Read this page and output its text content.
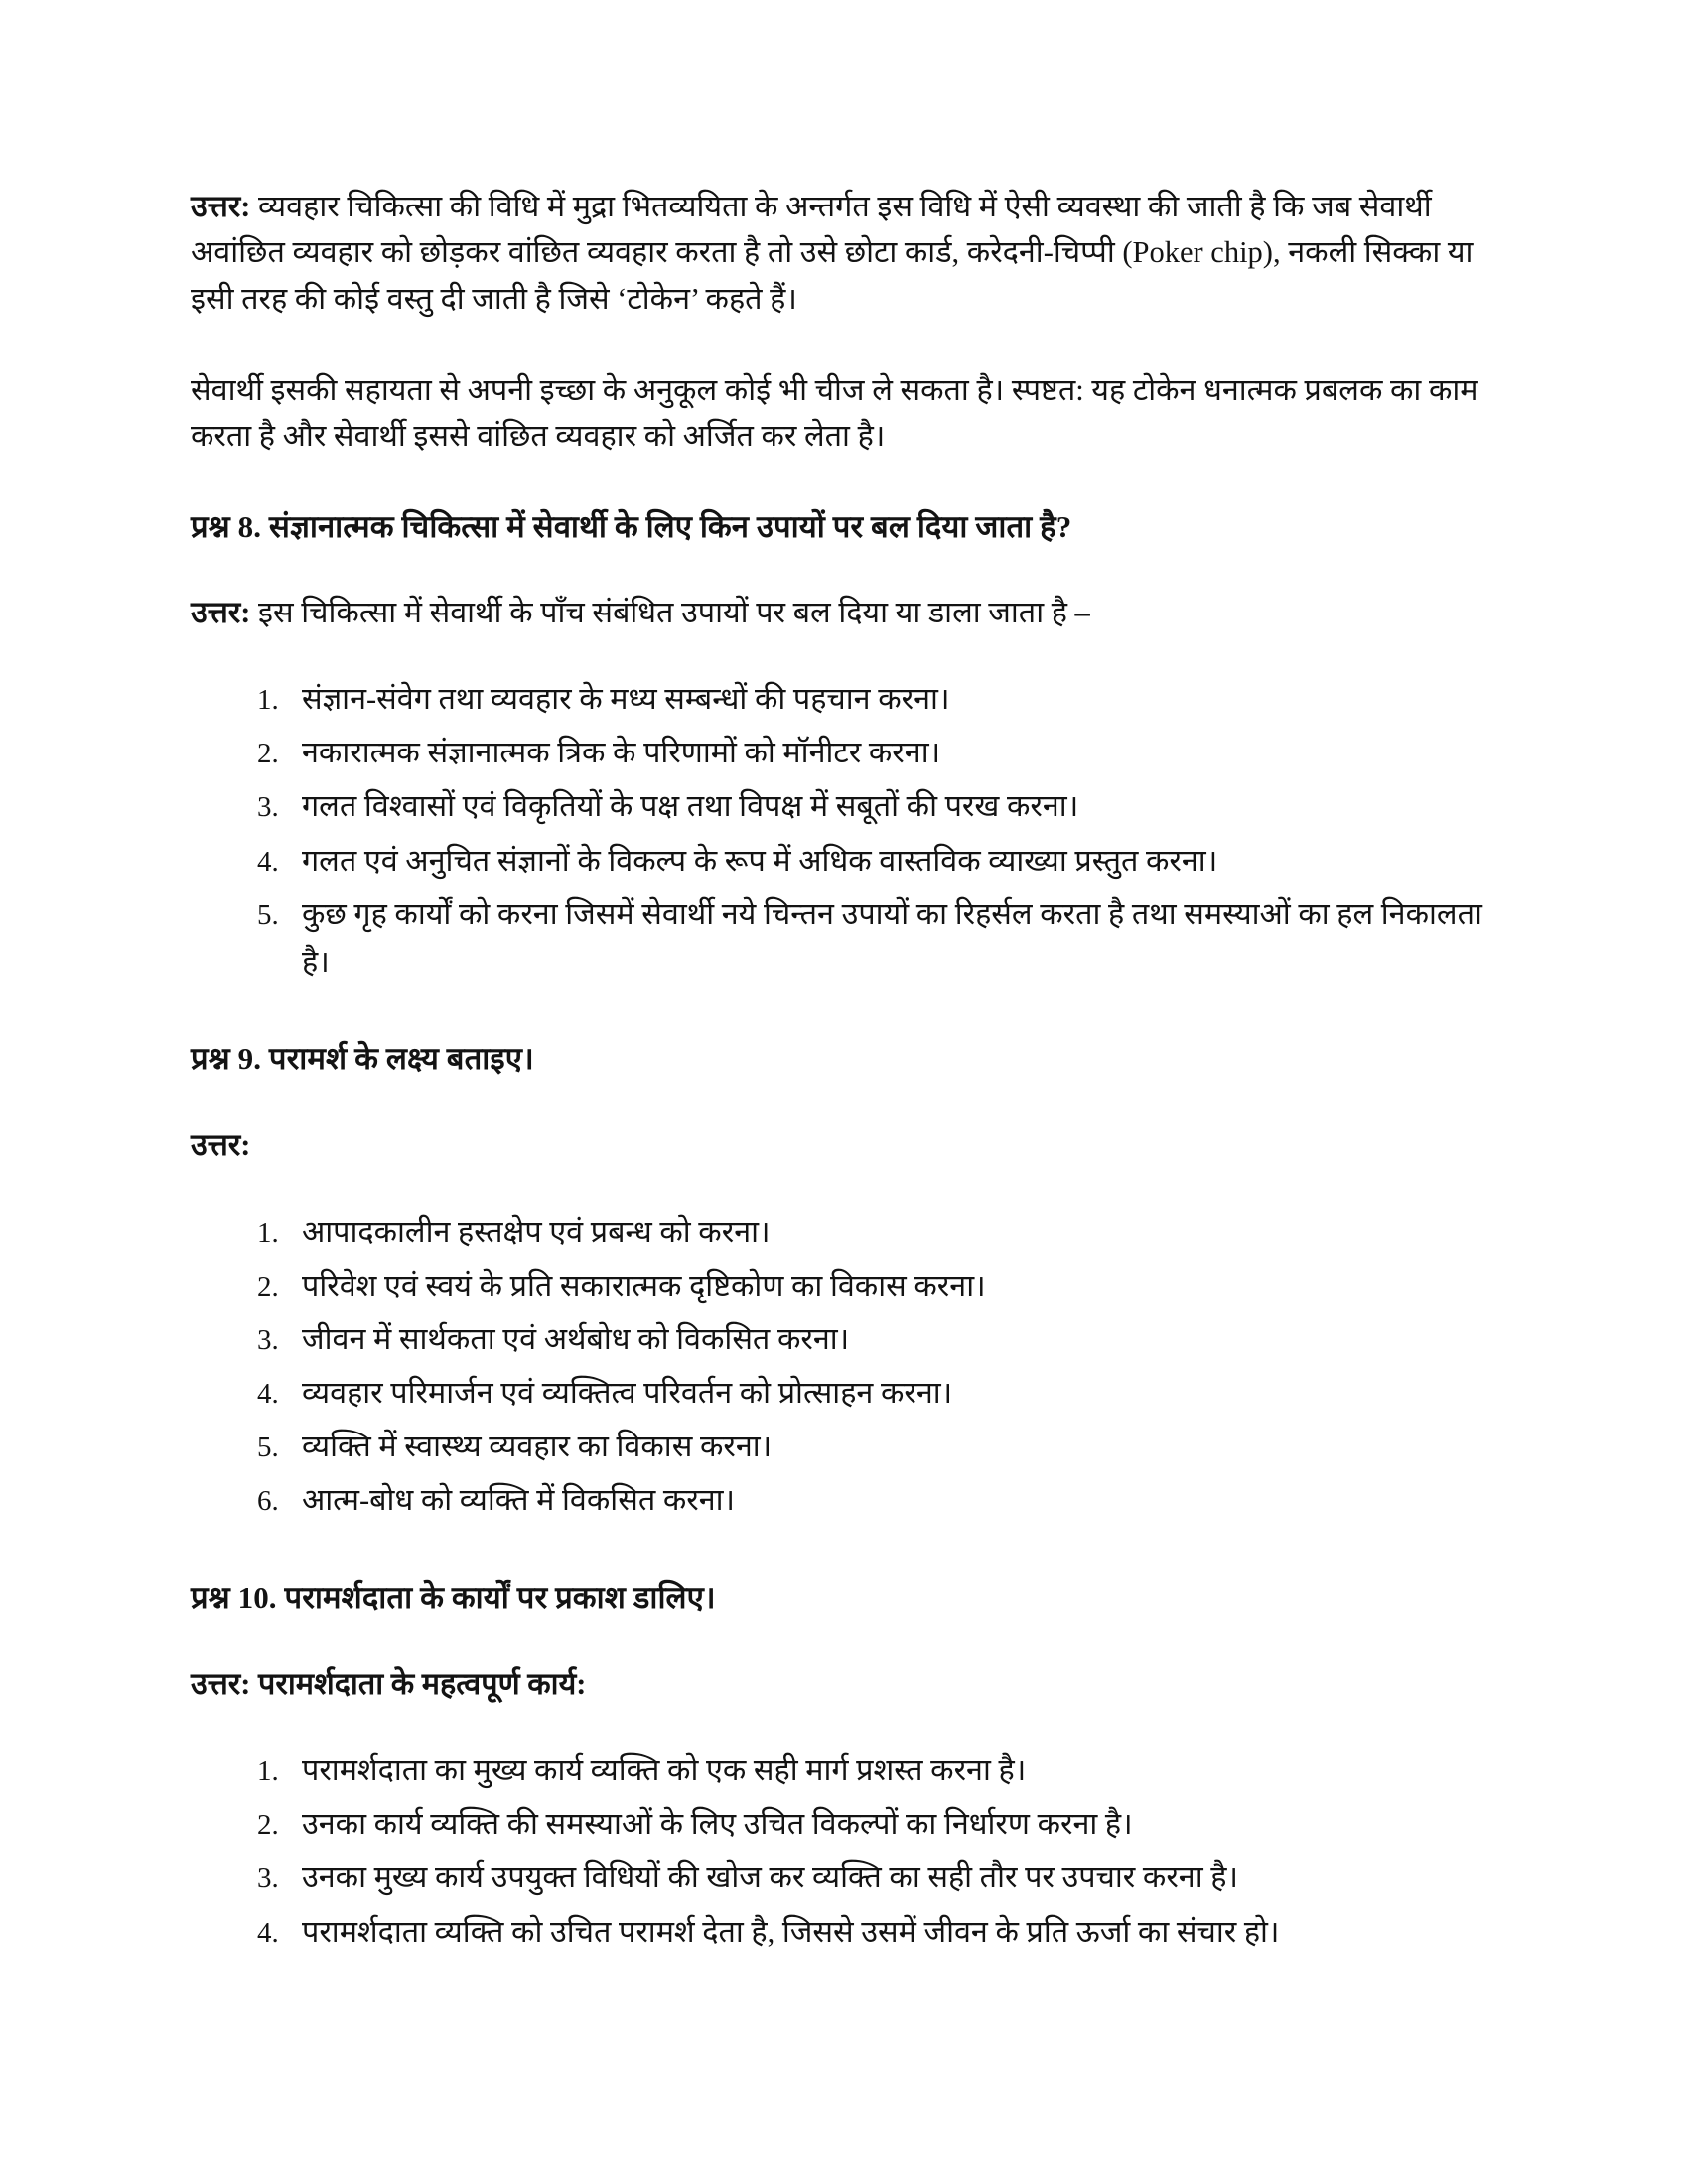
उत्तर: व्यवहार चिकित्सा की विधि में मुद्रा भितव्ययिता के अन्तर्गत इस विधि में ऐसी व्यवस्था की जाती है कि जब सेवार्थी अवांछित व्यवहार को छोड़कर वांछित व्यवहार करता है तो उसे छोटा कार्ड, करेदनी-चिप्पी (Poker chip), नकली सिक्का या इसी तरह की कोई वस्तु दी जाती है जिसे ‘टोकेन’ कहते हैं।

सेवार्थी इसकी सहायता से अपनी इच्छा के अनुकूल कोई भी चीज ले सकता है। स्पष्टत: यह टोकेन धनात्मक प्रबलक का काम करता है और सेवार्थी इससे वांछित व्यवहार को अर्जित कर लेता है।

प्रश्न 8. संज्ञानात्मक चिकित्सा में सेवार्थी के लिए किन उपायों पर बल दिया जाता है?

उत्तर: इस चिकित्सा में सेवार्थी के पाँच संबंधित उपायों पर बल दिया या डाला जाता है –

1. संज्ञान-संवेग तथा व्यवहार के मध्य सम्बन्धों की पहचान करना।
2. नकारात्मक संज्ञानात्मक त्रिक के परिणामों को मॉनीटर करना।
3. गलत विश्वासों एवं विकृतियों के पक्ष तथा विपक्ष में सबूतों की परख करना।
4. गलत एवं अनुचित संज्ञानों के विकल्प के रूप में अधिक वास्तविक व्याख्या प्रस्तुत करना।
5. कुछ गृह कार्यों को करना जिसमें सेवार्थी नये चिन्तन उपायों का रिहर्सल करता है तथा समस्याओं का हल निकालता है।
प्रश्न 9. परामर्श के लक्ष्य बताइए।

उत्तर:

1. आपादकालीन हस्तक्षेप एवं प्रबन्ध को करना।
2. परिवेश एवं स्वयं के प्रति सकारात्मक दृष्टिकोण का विकास करना।
3. जीवन में सार्थकता एवं अर्थबोध को विकसित करना।
4. व्यवहार परिमार्जन एवं व्यक्तित्व परिवर्तन को प्रोत्साहन करना।
5. व्यक्ति में स्वास्थ्य व्यवहार का विकास करना।
6. आत्म-बोध को व्यक्ति में विकसित करना।
प्रश्न 10. परामर्शदाता के कार्यों पर प्रकाश डालिए।

उत्तर: परामर्शदाता के महत्वपूर्ण कार्य:

1. परामर्शदाता का मुख्य कार्य व्यक्ति को एक सही मार्ग प्रशस्त करना है।
2. उनका कार्य व्यक्ति की समस्याओं के लिए उचित विकल्पों का निर्धारण करना है।
3. उनका मुख्य कार्य उपयुक्त विधियों की खोज कर व्यक्ति का सही तौर पर उपचार करना है।
4. परामर्शदाता व्यक्ति को उचित परामर्श देता है, जिससे उसमें जीवन के प्रति ऊर्जा का संचार हो।
